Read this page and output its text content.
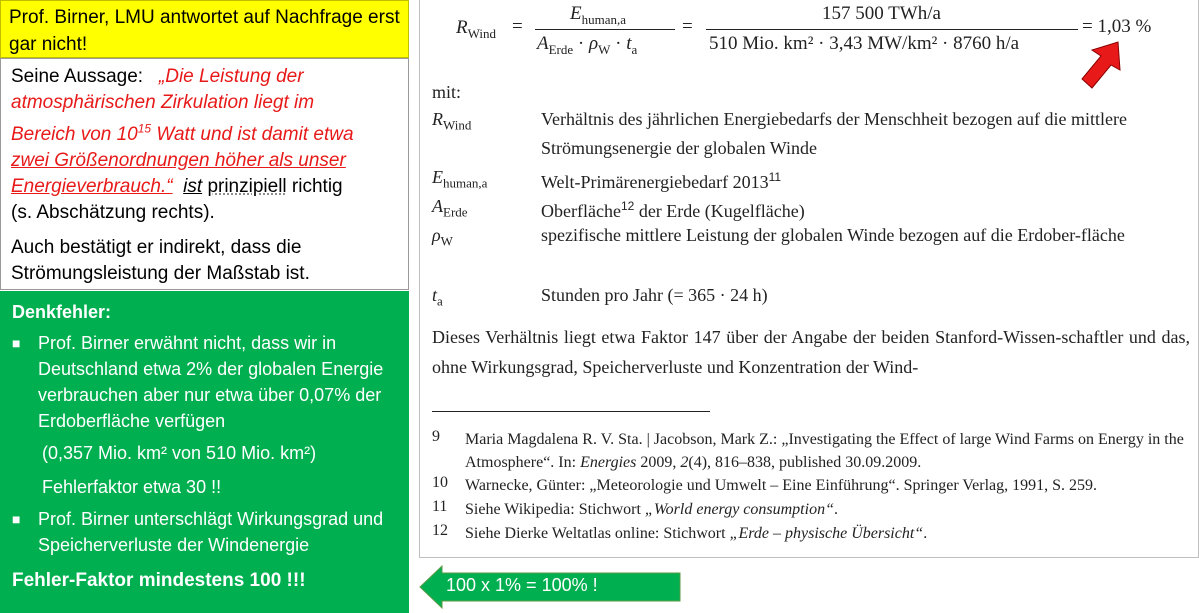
Prof. Birner, LMU antwortet auf Nachfrage erst gar nicht!

Seine Aussage: „Die Leistung der
atmosphärischen Zirkulation liegt im
Bereich von $10^{15}$ Watt und ist damit etwa
zwei Größenordnungen höher als unser
Energieverbrauch.“ ist prinzipiell richtig
(s. Abschätzung rechts).
Auch bestätigt er indirekt, dass die Strömungsleistung der Maßstab ist.
Denkfehler:
■ Prof. Birner erwähnt nicht, dass wir in Deutschland etwa 2% der globalen Energie verbrauchen aber nur etwa über 0,07% der Erdoberfläche verfügen
(0,357 Mio. km² von 510 Mio. km²)
Fehlerfaktor etwa 30 !!
■ Prof. Birner unterschlägt Wirkungsgrad und Speicherverluste der Windenergie
Fehler-Faktor mindestens 100 !!!
$R_{Wind}$ =
$E_{human,a}$
$A_{Erde} \cdot \rho_W \cdot t_a$
=
157 500 TWh/a
510 Mio. km² · 3,43 MW/km² · 8760 h/a
= 1,03 %
mit:
$R_{Wind}$	Verhältnis des jährlichen Energiebedarfs der Menschheit bezogen auf die mittlere Strömungsenergie der globalen Winde
$E_{human,a}$	Welt-Primärenergiebedarf 2013$^{11}$
$A_{Erde}$	Oberfläche$^{12}$ der Erde (Kugelfläche)
$\rho_W$	spezifische mittlere Leistung der globalen Winde bezogen auf die Erdober-fläche
$t_a$	Stunden pro Jahr (= 365 · 24 h)
Dieses Verhältnis liegt etwa Faktor 147 über der Angabe der beiden Stanford-Wissen-schaftler und das, ohne Wirkungsgrad, Speicherverluste und Konzentration der Wind-
9 Maria Magdalena R. V. Sta. | Jacobson, Mark Z.: „Investigating the Effect of large Wind Farms on Energy in the Atmosphere“. In: Energies 2009, 2(4), 816–838, published 30.09.2009.
10 Warnecke, Günter: „Meteorologie und Umwelt – Eine Einführung“. Springer Verlag, 1991, S. 259.
11 Siehe Wikipedia: Stichwort „World energy consumption“.
12 Siehe Dierke Weltatlas online: Stichwort „Erde – physische Übersicht“.
100 x 1% = 100% !
